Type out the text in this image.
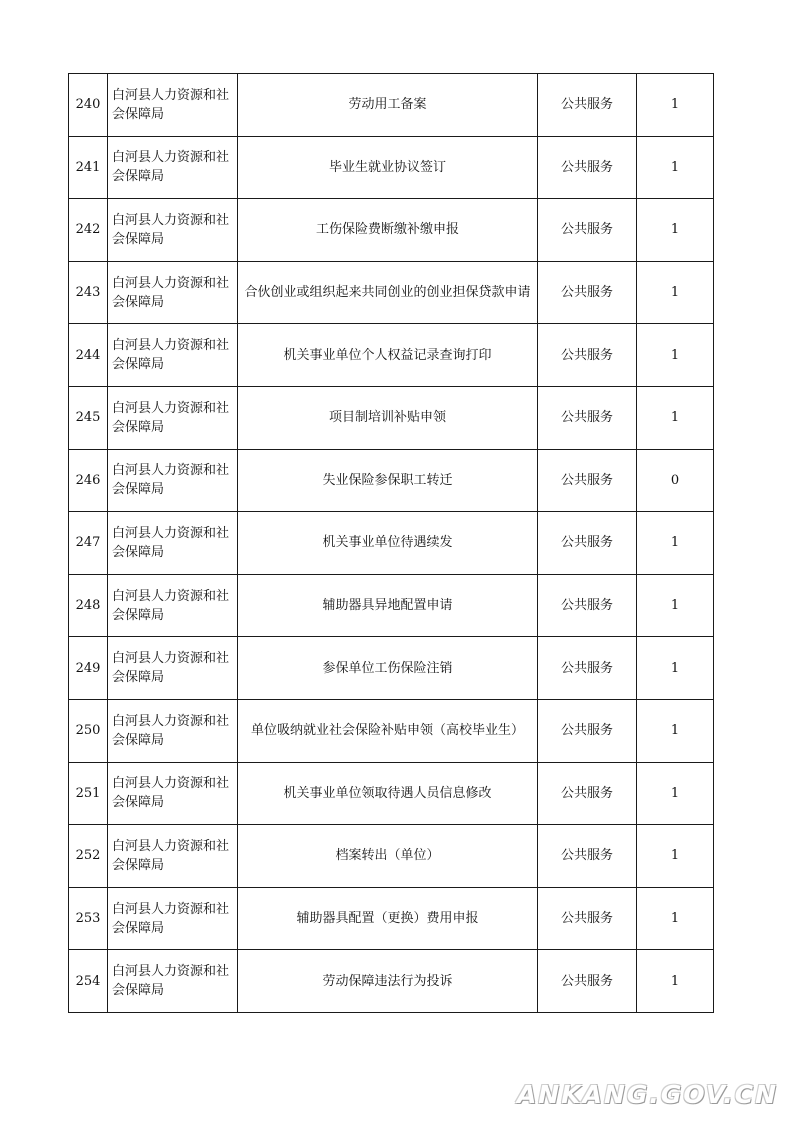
240	白河县人力资源和社会保障局	劳动用工备案	公共服务	1
241	白河县人力资源和社会保障局	毕业生就业协议签订	公共服务	1
242	白河县人力资源和社会保障局	工伤保险费断缴补缴申报	公共服务	1
243	白河县人力资源和社会保障局	合伙创业或组织起来共同创业的创业担保贷款申请	公共服务	1
244	白河县人力资源和社会保障局	机关事业单位个人权益记录查询打印	公共服务	1
245	白河县人力资源和社会保障局	项目制培训补贴申领	公共服务	1
246	白河县人力资源和社会保障局	失业保险参保职工转迁	公共服务	0
247	白河县人力资源和社会保障局	机关事业单位待遇续发	公共服务	1
248	白河县人力资源和社会保障局	辅助器具异地配置申请	公共服务	1
249	白河县人力资源和社会保障局	参保单位工伤保险注销	公共服务	1
250	白河县人力资源和社会保障局	单位吸纳就业社会保险补贴申领（高校毕业生）	公共服务	1
251	白河县人力资源和社会保障局	机关事业单位领取待遇人员信息修改	公共服务	1
252	白河县人力资源和社会保障局	档案转出（单位）	公共服务	1
253	白河县人力资源和社会保障局	辅助器具配置（更换）费用申报	公共服务	1
254	白河县人力资源和社会保障局	劳动保障违法行为投诉	公共服务	1
ANKANG.GOV.CN
